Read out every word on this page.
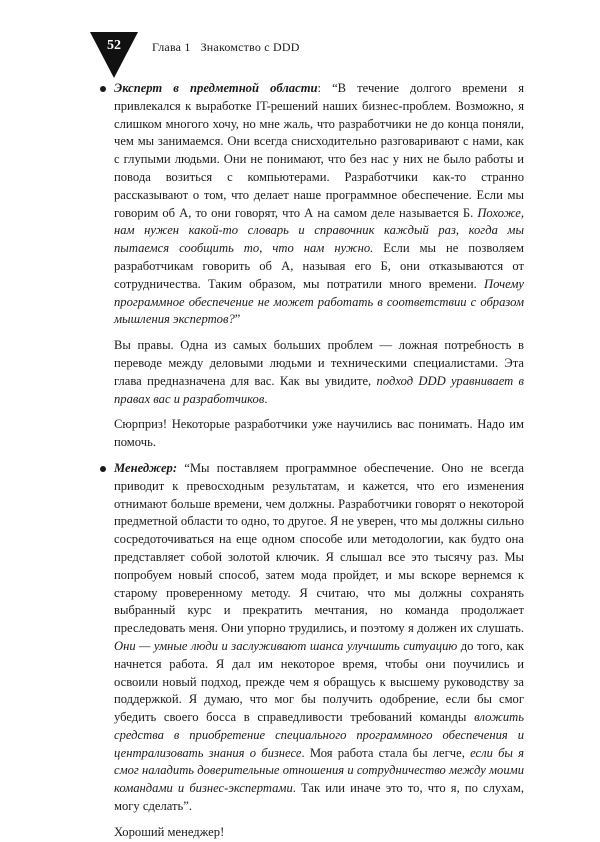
52	Глава 1 Знакомство с DDD

Эксперт в предметной области: “В течение долгого времени я привлекался к выработке IT-решений наших бизнес-проблем. Возможно, я слишком многого хочу, но мне жаль, что разработчики не до конца поняли, чем мы занимаемся. Они всегда снисходительно разговаривают с нами, как с глупыми людьми. Они не понимают, что без нас у них не было работы и повода возиться с компьютерами. Разработчики как-то странно рассказывают о том, что делает наше программное обеспечение. Если мы говорим об А, то они говорят, что А на самом деле называется Б. Похоже, нам нужен какой-то словарь и справочник каждый раз, когда мы пытаемся сообщить то, что нам нужно. Если мы не позволяем разработчикам говорить об А, называя его Б, они отказываются от сотрудничества. Таким образом, мы потратили много времени. Почему программное обеспечение не может работать в соответствии с образом мышления экспертов?”

Вы правы. Одна из самых больших проблем — ложная потребность в переводе между деловыми людьми и техническими специалистами. Эта глава предназначена для вас. Как вы увидите, подход DDD уравнивает в правах вас и разработчиков.

Сюрприз! Некоторые разработчики уже научились вас понимать. Надо им помочь.

Менеджер: “Мы поставляем программное обеспечение. Оно не всегда приводит к превосходным результатам, и кажется, что его изменения отнимают больше времени, чем должны. Разработчики говорят о некоторой предметной области то одно, то другое. Я не уверен, что мы должны сильно сосредоточиваться на еще одном способе или методологии, как будто она представляет собой золотой ключик. Я слышал все это тысячу раз. Мы попробуем новый способ, затем мода пройдет, и мы вскоре вернемся к старому проверенному методу. Я считаю, что мы должны сохранять выбранный курс и прекратить мечтания, но команда продолжает преследовать меня. Они упорно трудились, и поэтому я должен их слушать. Они — умные люди и заслуживают шанса улучшить ситуацию до того, как начнется работа. Я дал им некоторое время, чтобы они поучились и освоили новый подход, прежде чем я обращусь к высшему руководству за поддержкой. Я думаю, что мог бы получить одобрение, если бы смог убедить своего босса в справедливости требований команды вложить средства в приобретение специального программного обеспечения и централизовать знания о бизнесе. Моя работа стала бы легче, если бы я смог наладить доверительные отношения и сотрудничество между моими командами и бизнес-экспертами. Так или иначе это то, что я, по слухам, могу сделать”.

Хороший менеджер!
